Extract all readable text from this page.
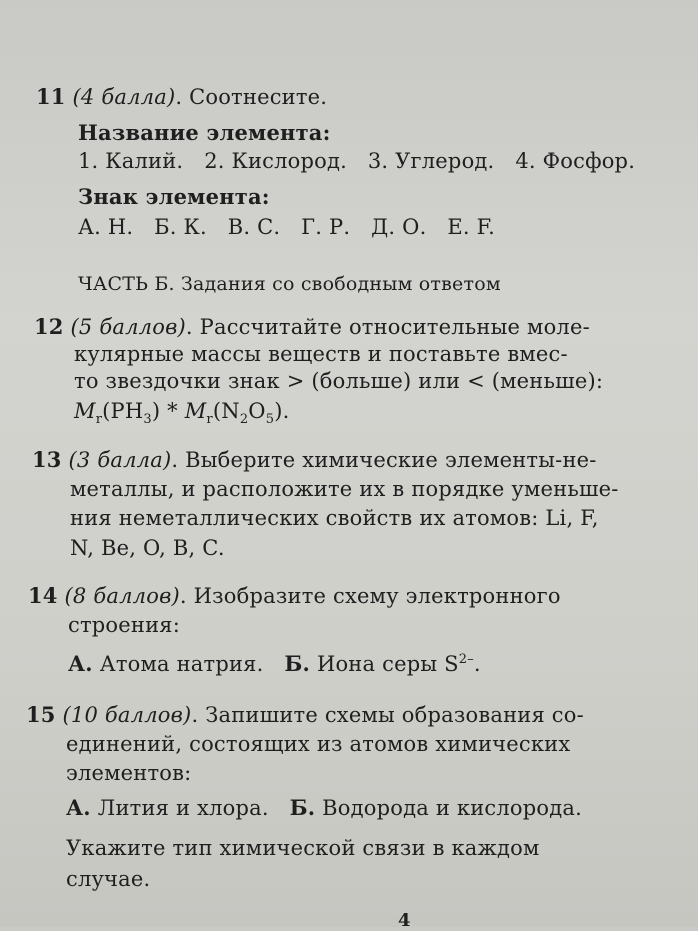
11 (4 балла). Соотнесите.
Название элемента:
1. Калий. 2. Кислород. 3. Углерод. 4. Фосфор.
Знак элемента:
А. Н. Б. К. В. С. Г. Р. Д. О. Е. F.
ЧАСТЬ Б. Задания со свободным ответом
12 (5 баллов). Рассчитайте относительные моле-
кулярные массы веществ и поставьте вмес-
то звездочки знак > (больше) или < (меньше):
$M_r(PH_3) * M_r(N_2O_5)$.
13 (3 балла). Выберите химические элементы-не-
металлы, и расположите их в порядке уменьше-
ния неметаллических свойств их атомов: Li, F,
N, Be, O, B, C.
14 (8 баллов). Изобразите схему электронного
строения:
А. Атома натрия. Б. Иона серы $S^{2-}$.
15 (10 баллов). Запишите схемы образования со-
единений, состоящих из атомов химических
элементов:
А. Лития и хлора. Б. Водорода и кислорода.
Укажите тип химической связи в каждом
случае.
4
